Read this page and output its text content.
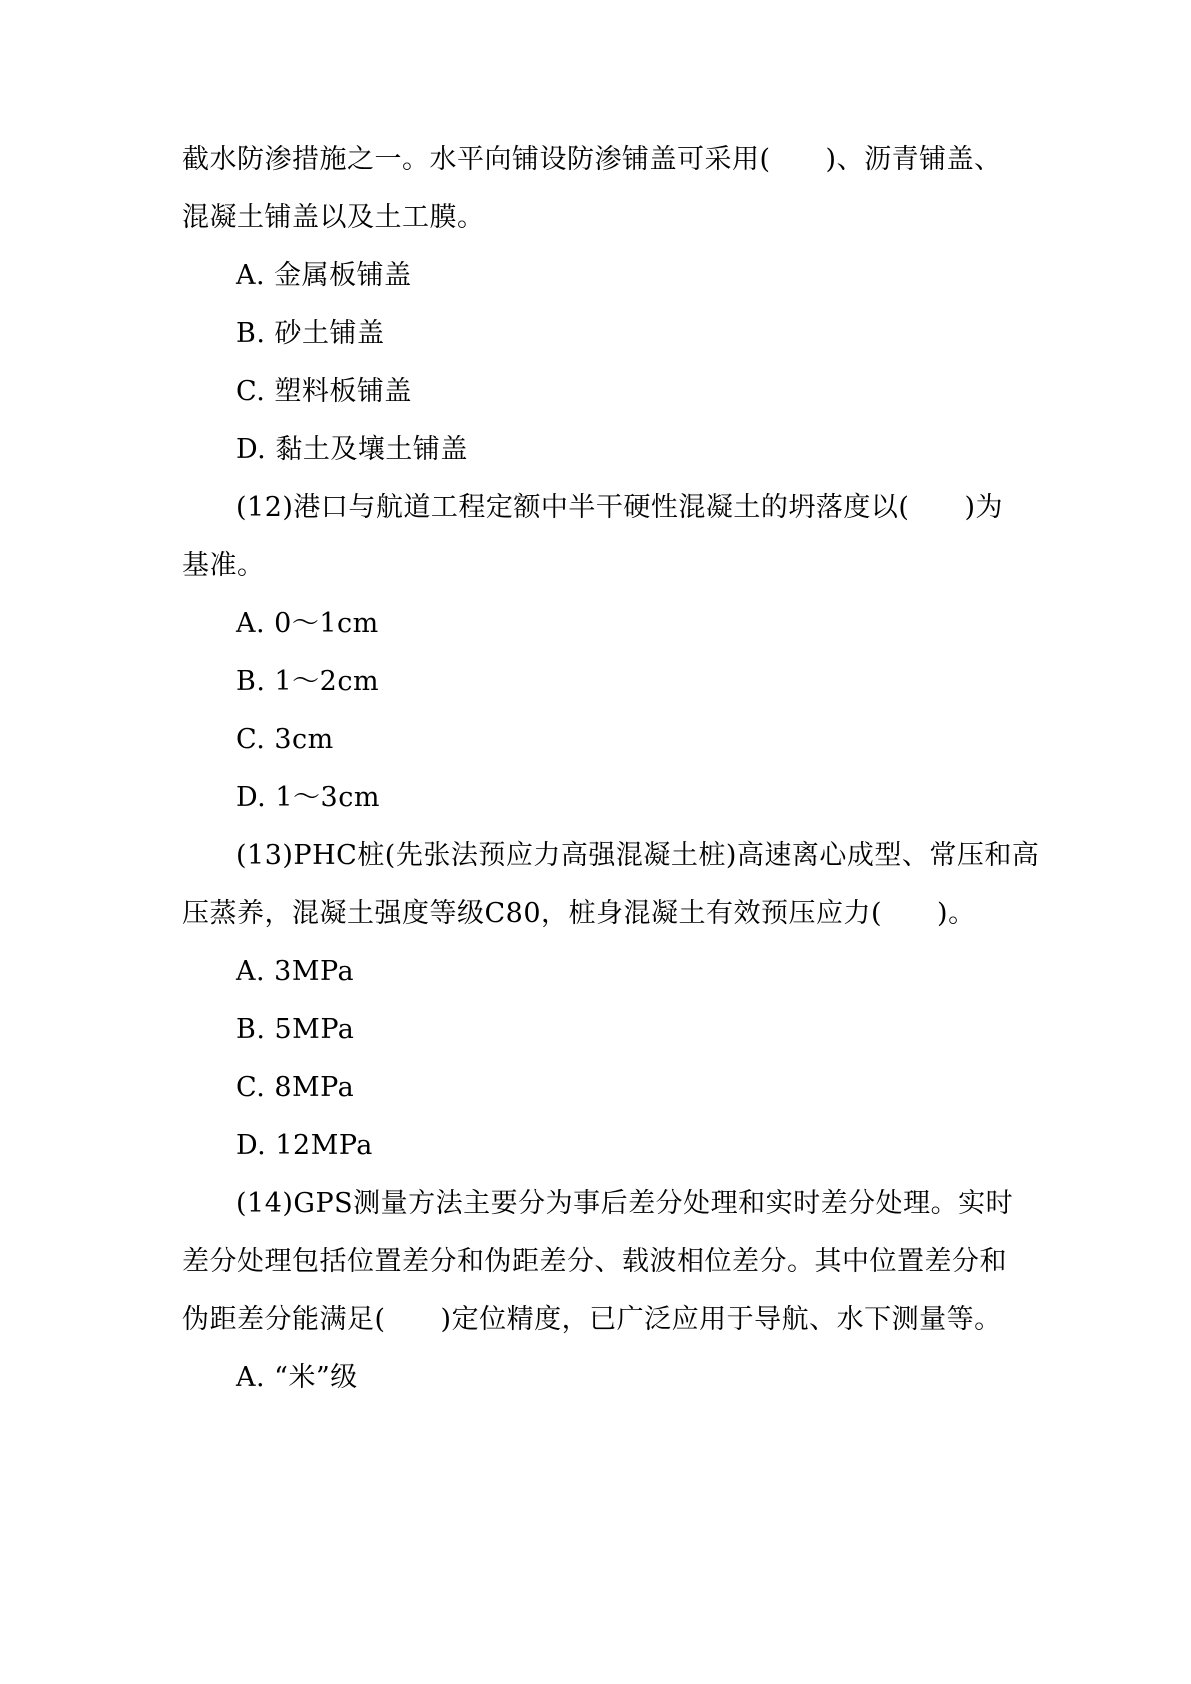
截水防渗措施之一。水平向铺设防渗铺盖可采用(　　)、沥青铺盖、
混凝土铺盖以及土工膜。
A. 金属板铺盖
B. 砂土铺盖
C. 塑料板铺盖
D. 黏土及壤土铺盖
(12)港口与航道工程定额中半干硬性混凝土的坍落度以(　　)为
基准。
A. 0～1cm
B. 1～2cm
C. 3cm
D. 1～3cm
(13)PHC桩(先张法预应力高强混凝土桩)高速离心成型、常压和高
压蒸养，混凝土强度等级C80，桩身混凝土有效预压应力(　　)。
A. 3MPa
B. 5MPa
C. 8MPa
D. 12MPa
(14)GPS测量方法主要分为事后差分处理和实时差分处理。实时
差分处理包括位置差分和伪距差分、载波相位差分。其中位置差分和
伪距差分能满足(　　)定位精度，已广泛应用于导航、水下测量等。
A. “米”级
